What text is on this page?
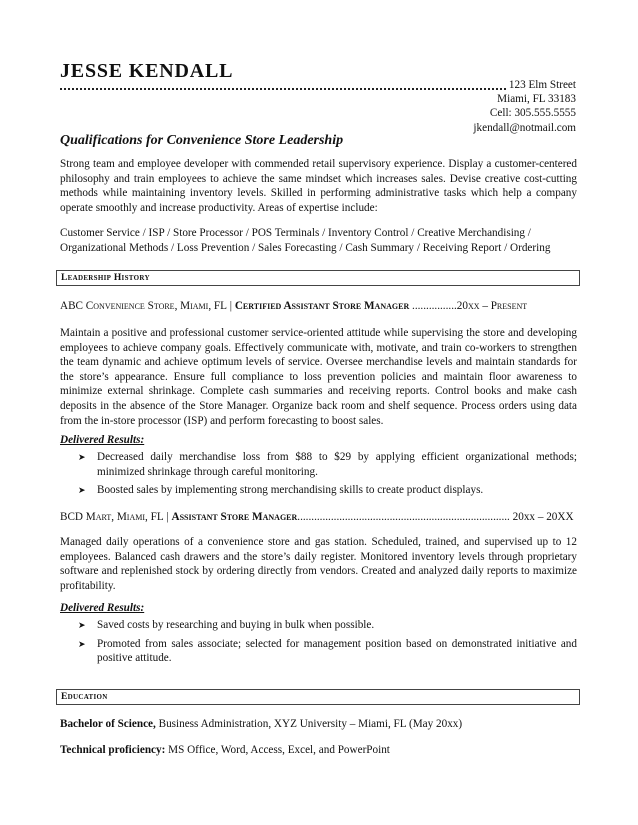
JESSE KENDALL
123 Elm Street
Miami, FL 33183
Cell: 305.555.5555
jkendall@notmail.com
Qualifications for Convenience Store Leadership

Strong team and employee developer with commended retail supervisory experience. Display a customer-centered philosophy and train employees to achieve the same mindset which increases sales. Devise creative cost-cutting methods while maintaining inventory levels. Skilled in performing administrative tasks which help a company operate smoothly and increase productivity. Areas of expertise include:

Customer Service / ISP / Store Processor / POS Terminals / Inventory Control / Creative Merchandising /
Organizational Methods / Loss Prevention / Sales Forecasting / Cash Summary / Receiving Report / Ordering
Leadership History
ABC Convenience Store, Miami, FL | Certified Assistant Store Manager ................20xx – Present

Maintain a positive and professional customer service-oriented attitude while supervising the store and developing employees to achieve company goals. Effectively communicate with, motivate, and train co-workers to strengthen the team dynamic and achieve optimum levels of service. Oversee merchandise levels and maintain standards for the store’s appearance. Ensure full compliance to loss prevention policies and maintain floor awareness to minimize external shrinkage. Complete cash summaries and receiving reports. Control books and make cash deposits in the absence of the Store Manager. Organize back room and shelf sequence. Process orders using data from the in-store processor (ISP) and perform forecasting to boost sales.

Delivered Results:
➤ Decreased daily merchandise loss from $88 to $29 by applying efficient organizational methods; minimized shrinkage through careful monitoring.
➤ Boosted sales by implementing strong merchandising skills to create product displays.
BCD Mart, Miami, FL | Assistant Store Manager............................................................................ 20xx – 20XX

Managed daily operations of a convenience store and gas station. Scheduled, trained, and supervised up to 12 employees. Balanced cash drawers and the store’s daily register. Monitored inventory levels through proprietary software and replenished stock by ordering directly from vendors. Created and analyzed daily reports to maximize profitability.

Delivered Results:
➤ Saved costs by researching and buying in bulk when possible.
➤ Promoted from sales associate; selected for management position based on demonstrated initiative and positive attitude.
Education
Bachelor of Science, Business Administration, XYZ University – Miami, FL (May 20xx)
Technical proficiency: MS Office, Word, Access, Excel, and PowerPoint
